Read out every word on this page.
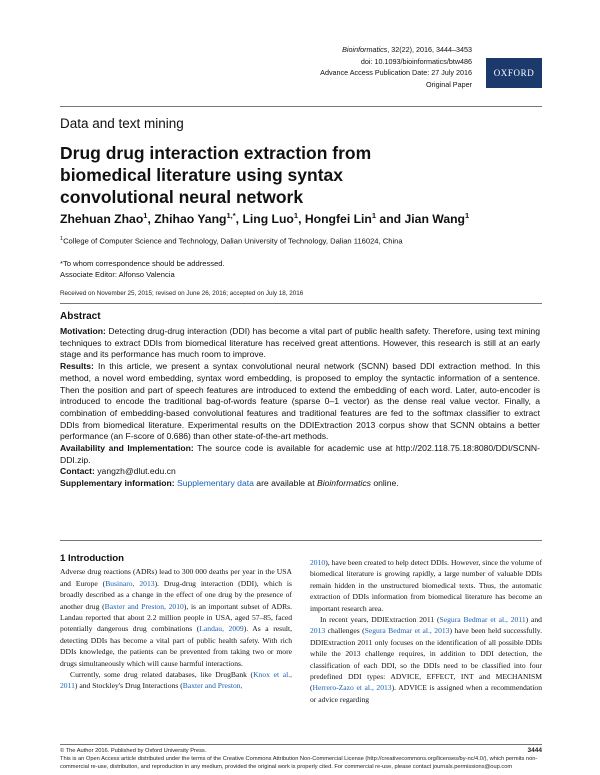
Bioinformatics, 32(22), 2016, 3444–3453
doi: 10.1093/bioinformatics/btw486
Advance Access Publication Date: 27 July 2016
Original Paper
OXFORD
Data and text mining
Drug drug interaction extraction from biomedical literature using syntax convolutional neural network
Zhehuan Zhao$^1$, Zhihao Yang$^{1,*}$, Ling Luo$^1$, Hongfei Lin$^1$ and Jian Wang$^1$
$^1$College of Computer Science and Technology, Dalian University of Technology, Dalian 116024, China
*To whom correspondence should be addressed.
Associate Editor: Alfonso Valencia
Received on November 25, 2015; revised on June 26, 2016; accepted on July 18, 2016
Abstract

Motivation: Detecting drug-drug interaction (DDI) has become a vital part of public health safety. Therefore, using text mining techniques to extract DDIs from biomedical literature has received great attentions. However, this research is still at an early stage and its performance has much room to improve.

Results: In this article, we present a syntax convolutional neural network (SCNN) based DDI extraction method. In this method, a novel word embedding, syntax word embedding, is proposed to employ the syntactic information of a sentence. Then the position and part of speech features are introduced to extend the embedding of each word. Later, auto-encoder is introduced to encode the traditional bag-of-words feature (sparse 0–1 vector) as the dense real value vector. Finally, a combination of embedding-based convolutional features and traditional features are fed to the softmax classifier to extract DDIs from biomedical literature. Experimental results on the DDIExtraction 2013 corpus show that SCNN obtains a better performance (an F-score of 0.686) than other state-of-the-art methods.

Availability and Implementation: The source code is available for academic use at http://202.118.75.18:8080/DDI/SCNN-DDI.zip.

Contact: yangzh@dlut.edu.cn

Supplementary information: Supplementary data are available at Bioinformatics online.

1 Introduction

Adverse drug reactions (ADRs) lead to 300 000 deaths per year in the USA and Europe (Businaro, 2013). Drug-drug interaction (DDI), which is broadly described as a change in the effect of one drug by the presence of another drug (Baxter and Preston, 2010), is an important subset of ADRs. Landau reported that about 2.2 million people in USA, aged 57–85, faced potentially dangerous drug combinations (Landau, 2009). As a result, detecting DDIs has become a vital part of public health safety. With rich DDIs knowledge, the patients can be prevented from taking two or more drugs simultaneously which will cause harmful interactions.

Currently, some drug related databases, like DrugBank (Knox et al., 2011) and Stockley's Drug Interactions (Baxter and Preston,

2010), have been created to help detect DDIs. However, since the volume of biomedical literature is growing rapidly, a large number of valuable DDIs remain hidden in the unstructured biomedical texts. Thus, the automatic extraction of DDIs information from biomedical literature has become an important research area.

In recent years, DDIExtraction 2011 (Segura Bedmar et al., 2011) and 2013 challenges (Segura Bedmar et al., 2013) have been held successfully. DDIExtraction 2011 only focuses on the identification of all possible DDIs while the 2013 challenge requires, in addition to DDI detection, the classification of each DDI, so the DDIs need to be classified into four predefined DDI types: ADVICE, EFFECT, INT and MECHANISM (Herrero-Zazo et al., 2013). ADVICE is assigned when a recommendation or advice regarding

© The Author 2016. Published by Oxford University Press.	3444
This is an Open Access article distributed under the terms of the Creative Commons Attribution Non-Commercial License (http://creativecommons.org/licenses/by-nc/4.0/), which permits non-commercial re-use, distribution, and reproduction in any medium, provided the original work is properly cited. For commercial re-use, please contact journals.permissions@oup.com
